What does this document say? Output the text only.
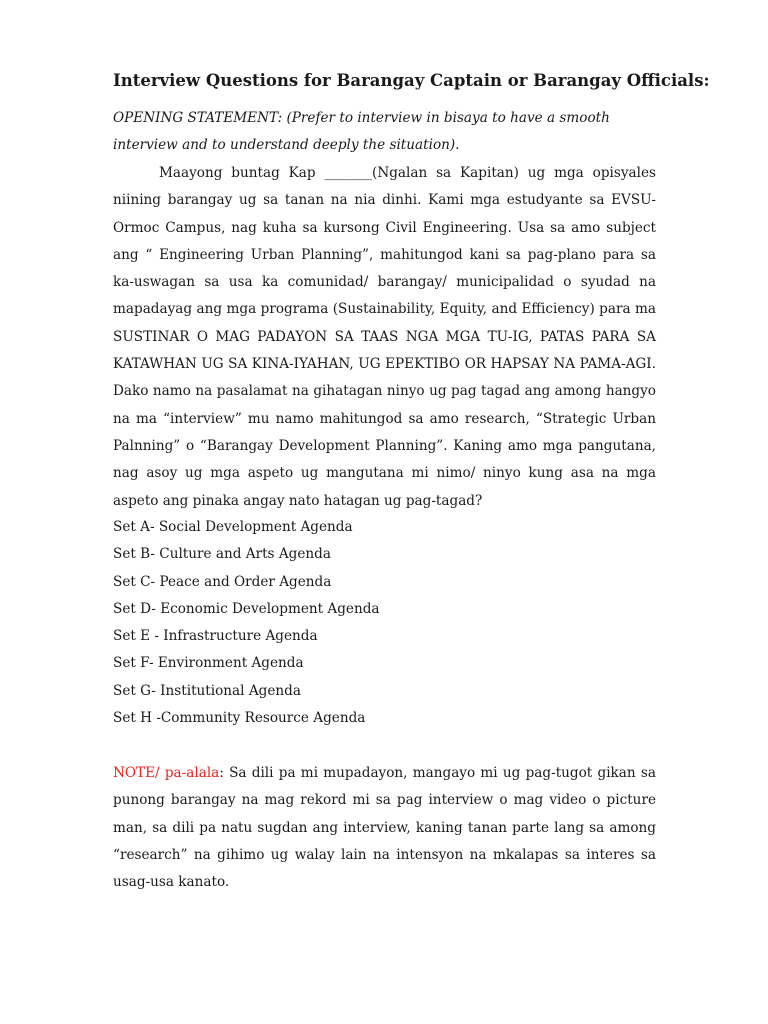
Interview Questions for Barangay Captain or Barangay Officials:

OPENING STATEMENT: (Prefer to interview in bisaya to have a smooth interview and to understand deeply the situation).

Maayong buntag Kap _______(Ngalan sa Kapitan) ug mga opisyales niining barangay ug sa tanan na nia dinhi. Kami mga estudyante sa EVSU- Ormoc Campus, nag kuha sa kursong Civil Engineering. Usa sa amo subject ang “ Engineering Urban Planning”, mahitungod kani sa pag-plano para sa ka-uswagan sa usa ka comunidad/ barangay/ municipalidad o syudad na mapadayag ang mga programa (Sustainability, Equity, and Efficiency) para ma SUSTINAR O MAG PADAYON SA TAAS NGA MGA TU-IG, PATAS PARA SA KATAWHAN UG SA KINA-IYAHAN, UG EPEKTIBO OR HAPSAY NA PAMA-AGI. Dako namo na pasalamat na gihatagan ninyo ug pag tagad ang among hangyo na ma “interview” mu namo mahitungod sa amo research, “Strategic Urban Palnning” o “Barangay Development Planning”. Kaning amo mga pangutana, nag asoy ug mga aspeto ug mangutana mi nimo/ ninyo kung asa na mga aspeto ang pinaka angay nato hatagan ug pag-tagad?

Set A- Social Development Agenda
Set B- Culture and Arts Agenda
Set C- Peace and Order Agenda
Set D- Economic Development Agenda
Set E - Infrastructure Agenda
Set F- Environment Agenda
Set G- Institutional Agenda
Set H -Community Resource Agenda

NOTE/ pa-alala: Sa dili pa mi mupadayon, mangayo mi ug pag-tugot gikan sa punong barangay na mag rekord mi sa pag interview o mag video o picture man, sa dili pa natu sugdan ang interview, kaning tanan parte lang sa among “research” na gihimo ug walay lain na intensyon na mkalapas sa interes sa usag-usa kanato.
